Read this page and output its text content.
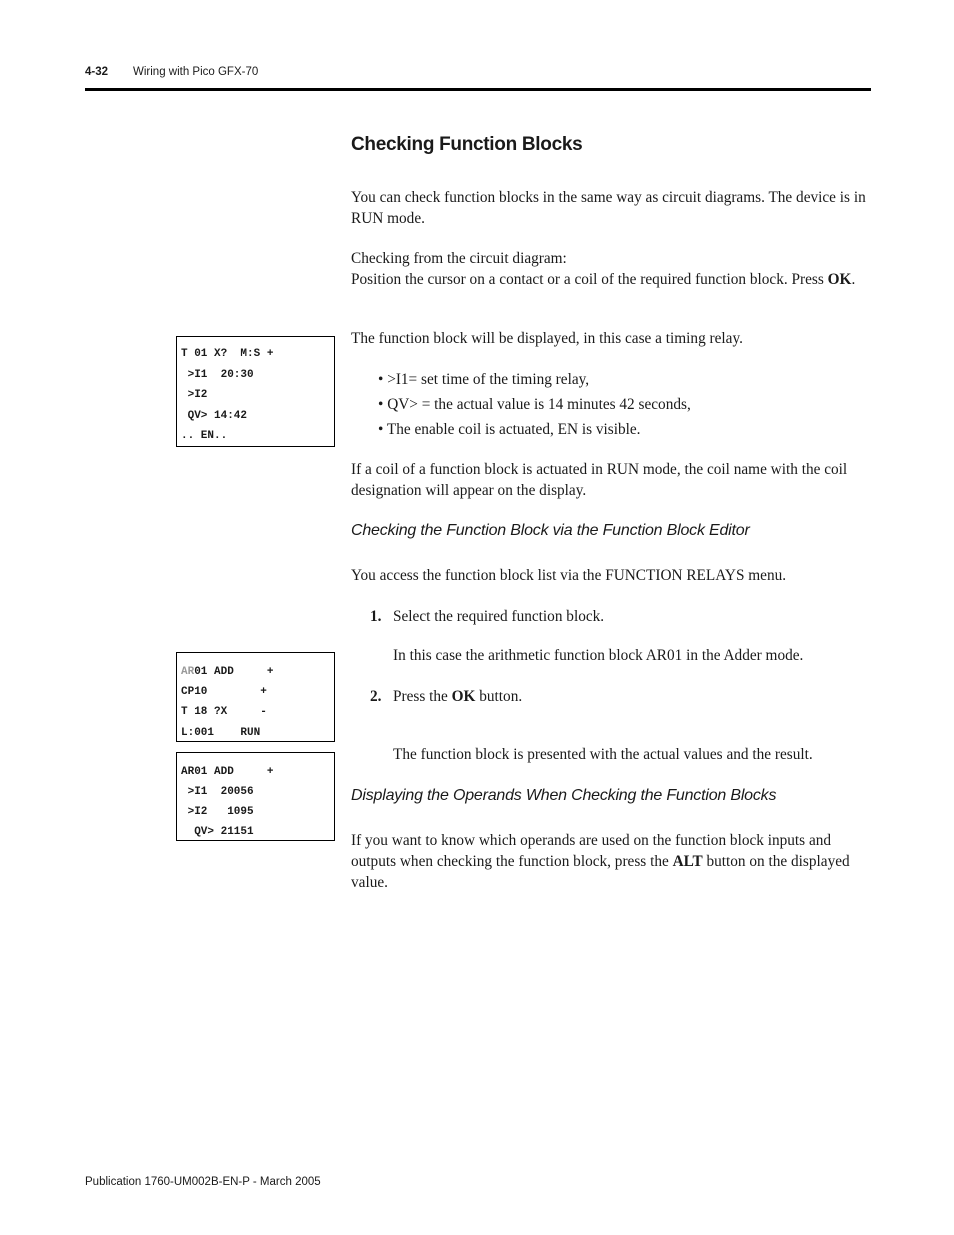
4-32 Wiring with Pico GFX-70
Checking Function Blocks
You can check function blocks in the same way as circuit diagrams. The device is in RUN mode.
Checking from the circuit diagram:
Position the cursor on a contact or a coil of the required function block. Press OK.
The function block will be displayed, in this case a timing relay.
• >I1= set time of the timing relay,
• QV> = the actual value is 14 minutes 42 seconds,
• The enable coil is actuated, EN is visible.
If a coil of a function block is actuated in RUN mode, the coil name with the coil designation will appear on the display.
Checking the Function Block via the Function Block Editor
You access the function block list via the FUNCTION RELAYS menu.
1. Select the required function block.
In this case the arithmetic function block AR01 in the Adder mode.
2. Press the OK button.
The function block is presented with the actual values and the result.
Displaying the Operands When Checking the Function Blocks
If you want to know which operands are used on the function block inputs and outputs when checking the function block, press the ALT button on the displayed value.
T 01 X?  M:S +
>I1  20:30
>I2
QV> 14:42
.. EN..
AR01 ADD     +
CP10        +
T 18 ?X     -
L:001    RUN
AR01 ADD     +
>I1  20056
>I2   1095
QV> 21151
Publication 1760-UM002B-EN-P - March 2005
